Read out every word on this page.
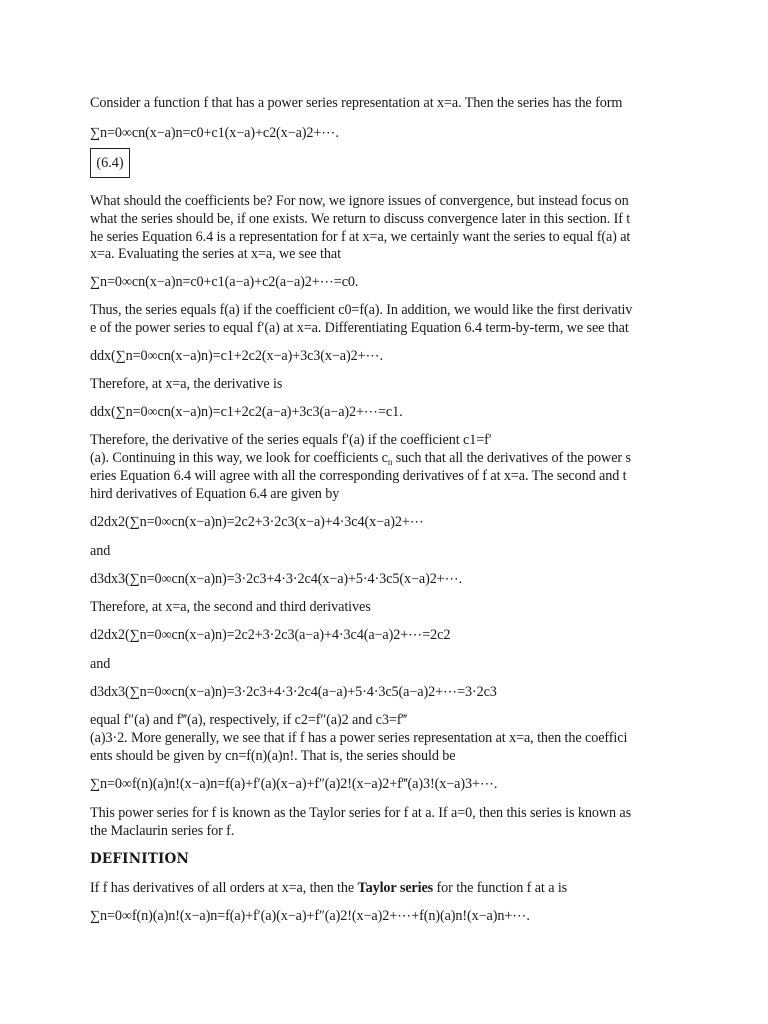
Consider a function f that has a power series representation at x=a. Then the series has the form

∑n=0∞cn(x−a)n=c0+c1(x−a)+c2(x−a)2+⋯.

(6.4)

What should the coefficients be? For now, we ignore issues of convergence, but instead focus on

what the series should be, if one exists. We return to discuss convergence later in this section. If t

he series Equation 6.4 is a representation for f at x=a, we certainly want the series to equal f(a) at

x=a. Evaluating the series at x=a, we see that

∑n=0∞cn(x−a)n=c0+c1(a−a)+c2(a−a)2+⋯=c0.

Thus, the series equals f(a) if the coefficient c0=f(a). In addition, we would like the first derivativ

e of the power series to equal f′(a) at x=a. Differentiating Equation 6.4 term-by-term, we see that

ddx(∑n=0∞cn(x−a)n)=c1+2c2(x−a)+3c3(x−a)2+⋯.

Therefore, at x=a, the derivative is

ddx(∑n=0∞cn(x−a)n)=c1+2c2(a−a)+3c3(a−a)2+⋯=c1.

Therefore, the derivative of the series equals f′(a) if the coefficient c1=f′

(a). Continuing in this way, we look for coefficients $c_n$ such that all the derivatives of the power s

eries Equation 6.4 will agree with all the corresponding derivatives of f at x=a. The second and t

hird derivatives of Equation 6.4 are given by

d2dx2(∑n=0∞cn(x−a)n)=2c2+3·2c3(x−a)+4·3c4(x−a)2+⋯

and

d3dx3(∑n=0∞cn(x−a)n)=3·2c3+4·3·2c4(x−a)+5·4·3c5(x−a)2+⋯.

Therefore, at x=a, the second and third derivatives

d2dx2(∑n=0∞cn(x−a)n)=2c2+3·2c3(a−a)+4·3c4(a−a)2+⋯=2c2

and

d3dx3(∑n=0∞cn(x−a)n)=3·2c3+4·3·2c4(a−a)+5·4·3c5(a−a)2+⋯=3·2c3

equal f″(a) and f‴(a), respectively, if c2=f″(a)2 and c3=f‴

(a)3·2. More generally, we see that if f has a power series representation at x=a, then the coeffici

ents should be given by cn=f(n)(a)n!. That is, the series should be

∑n=0∞f(n)(a)n!(x−a)n=f(a)+f′(a)(x−a)+f″(a)2!(x−a)2+f‴(a)3!(x−a)3+⋯.

This power series for f is known as the Taylor series for f at a. If a=0, then this series is known as

the Maclaurin series for f.

DEFINITION

If f has derivatives of all orders at x=a, then the Taylor series for the function f at a is

∑n=0∞f(n)(a)n!(x−a)n=f(a)+f′(a)(x−a)+f″(a)2!(x−a)2+⋯+f(n)(a)n!(x−a)n+⋯.
